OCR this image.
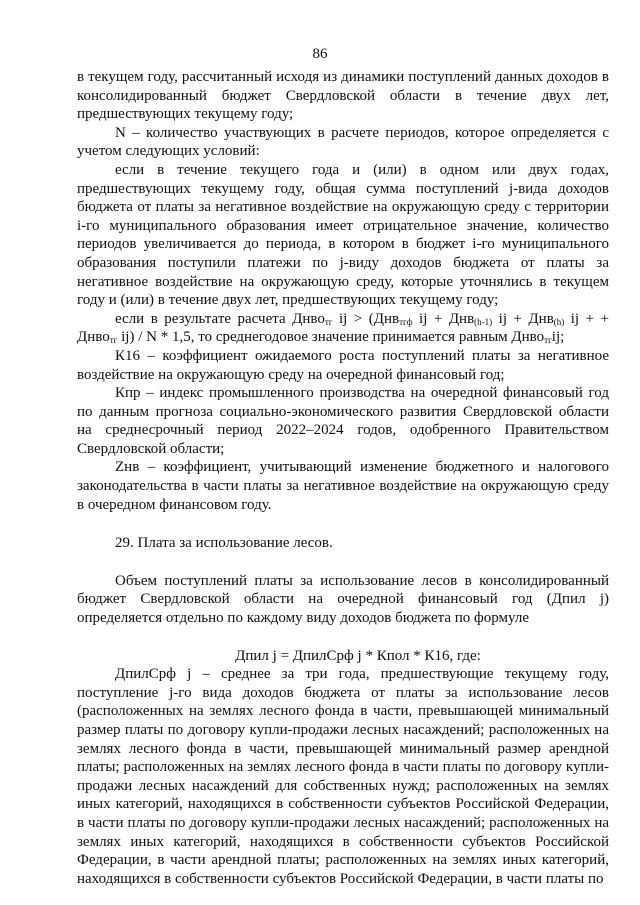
86

в текущем году, рассчитанный исходя из динамики поступлений данных доходов в консолидированный бюджет Свердловской области в течение двух лет, предшествующих текущему году;

N – количество участвующих в расчете периодов, которое определяется с учетом следующих условий:

если в течение текущего года и (или) в одном или двух годах, предшествующих текущему году, общая сумма поступлений j-вида доходов бюджета от платы за негативное воздействие на окружающую среду с территории i-го муниципального образования имеет отрицательное значение, количество периодов увеличивается до периода, в котором в бюджет i-го муниципального образования поступили платежи по j-виду доходов бюджета от платы за негативное воздействие на окружающую среду, которые уточнялись в текущем году и (или) в течение двух лет, предшествующих текущему году;

если в результате расчета Днво$_{тг}$ ij > (Днв$_{тгф}$ ij + Днв$_{(h-1)}$ ij + Днв$_{(h)}$ ij + + Днво$_{тг}$ ij) / N * 1,5, то среднегодовое значение принимается равным Днво$_{тг}$ij;

К16 – коэффициент ожидаемого роста поступлений платы за негативное воздействие на окружающую среду на очередной финансовый год;

Кпр – индекс промышленного производства на очередной финансовый год по данным прогноза социально-экономического развития Свердловской области на среднесрочный период 2022–2024 годов, одобренного Правительством Свердловской области;

Zнв – коэффициент, учитывающий изменение бюджетного и налогового законодательства в части платы за негативное воздействие на окружающую среду в очередном финансовом году.

29. Плата за использование лесов.

Объем поступлений платы за использование лесов в консолидированный бюджет Свердловской области на очередной финансовый год (Дпил j) определяется отдельно по каждому виду доходов бюджета по формуле

Дпил j = ДпилСрф j * Кпол * К16, где:

ДпилСрф j – среднее за три года, предшествующие текущему году, поступление j-го вида доходов бюджета от платы за использование лесов (расположенных на землях лесного фонда в части, превышающей минимальный размер платы по договору купли-продажи лесных насаждений; расположенных на землях лесного фонда в части, превышающей минимальный размер арендной платы; расположенных на землях лесного фонда в части платы по договору купли-продажи лесных насаждений для собственных нужд; расположенных на землях иных категорий, находящихся в собственности субъектов Российской Федерации, в части платы по договору купли-продажи лесных насаждений; расположенных на землях иных категорий, находящихся в собственности субъектов Российской Федерации, в части арендной платы; расположенных на землях иных категорий, находящихся в собственности субъектов Российской Федерации, в части платы по
